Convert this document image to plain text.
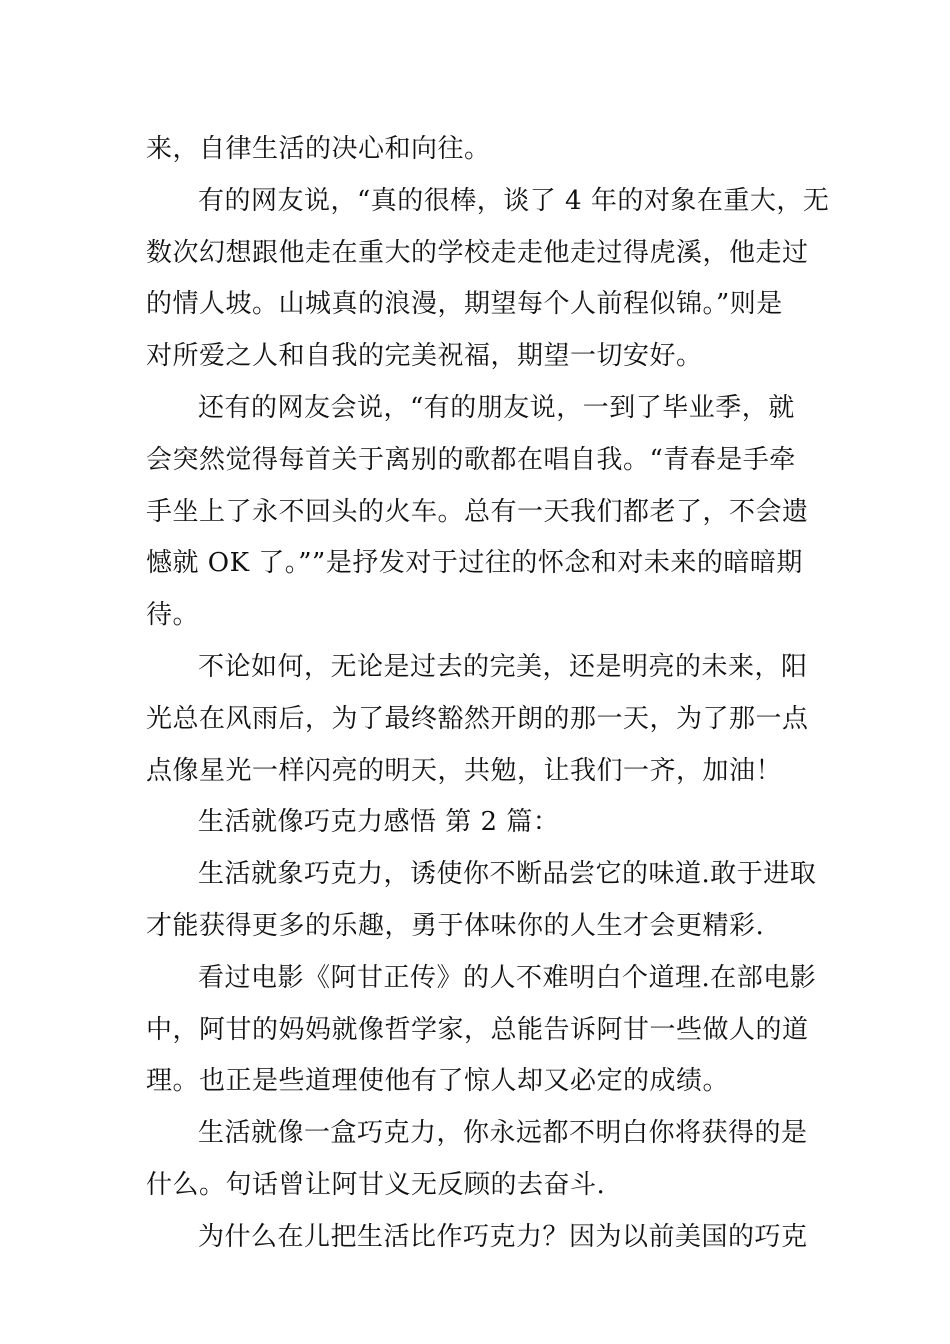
来，自律生活的决心和向往。
有的网友说，“真的很棒，谈了 4 年的对象在重大，无
数次幻想跟他走在重大的学校走走他走过得虎溪，他走过
的情人坡。山城真的浪漫，期望每个人前程似锦。”则是
对所爱之人和自我的完美祝福，期望一切安好。
还有的网友会说，“有的朋友说，一到了毕业季，就
会突然觉得每首关于离别的歌都在唱自我。“青春是手牵
手坐上了永不回头的火车。总有一天我们都老了，不会遗
憾就 OK 了。””是抒发对于过往的怀念和对未来的暗暗期
待。
不论如何，无论是过去的完美，还是明亮的未来，阳
光总在风雨后，为了最终豁然开朗的那一天，为了那一点
点像星光一样闪亮的明天，共勉，让我们一齐，加油！
生活就像巧克力感悟 第 2 篇：
生活就象巧克力，诱使你不断品尝它的味道.敢于进取
才能获得更多的乐趣，勇于体味你的人生才会更精彩.
看过电影《阿甘正传》的人不难明白个道理.在部电影
中，阿甘的妈妈就像哲学家，总能告诉阿甘一些做人的道
理。也正是些道理使他有了惊人却又必定的成绩。
生活就像一盒巧克力，你永远都不明白你将获得的是
什么。句话曾让阿甘义无反顾的去奋斗.
为什么在儿把生活比作巧克力？因为以前美国的巧克
